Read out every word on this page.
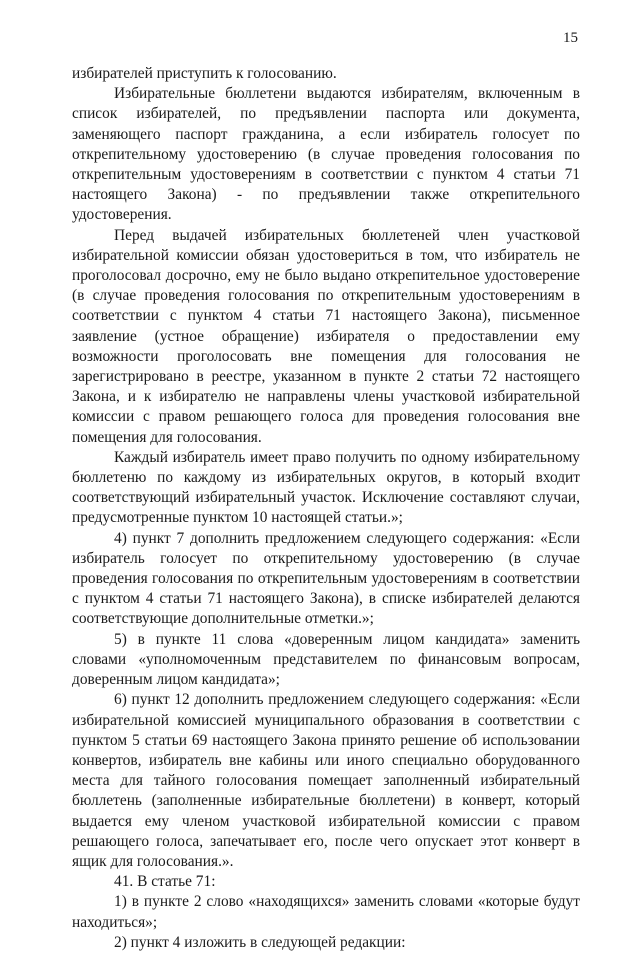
15

избирателей приступить к голосованию.

Избирательные бюллетени выдаются избирателям, включенным в список избирателей, по предъявлении паспорта или документа, заменяющего паспорт гражданина, а если избиратель голосует по открепительному удостоверению (в случае проведения голосования по открепительным удостоверениям в соответствии с пунктом 4 статьи 71 настоящего Закона) - по предъявлении также открепительного удостоверения.

Перед выдачей избирательных бюллетеней член участковой избирательной комиссии обязан удостовериться в том, что избиратель не проголосовал досрочно, ему не было выдано открепительное удостоверение (в случае проведения голосования по открепительным удостоверениям в соответствии с пунктом 4 статьи 71 настоящего Закона), письменное заявление (устное обращение) избирателя о предоставлении ему возможности проголосовать вне помещения для голосования не зарегистрировано в реестре, указанном в пункте 2 статьи 72 настоящего Закона, и к избирателю не направлены члены участковой избирательной комиссии с правом решающего голоса для проведения голосования вне помещения для голосования.

Каждый избиратель имеет право получить по одному избирательному бюллетеню по каждому из избирательных округов, в который входит соответствующий избирательный участок. Исключение составляют случаи, предусмотренные пунктом 10 настоящей статьи.»;

4) пункт 7 дополнить предложением следующего содержания: «Если избиратель голосует по открепительному удостоверению (в случае проведения голосования по открепительным удостоверениям в соответствии с пунктом 4 статьи 71 настоящего Закона), в списке избирателей делаются соответствующие дополнительные отметки.»;

5) в пункте 11 слова «доверенным лицом кандидата» заменить словами «уполномоченным представителем по финансовым вопросам, доверенным лицом кандидата»;

6) пункт 12 дополнить предложением следующего содержания: «Если избирательной комиссией муниципального образования в соответствии с пунктом 5 статьи 69 настоящего Закона принято решение об использовании конвертов, избиратель вне кабины или иного специально оборудованного места для тайного голосования помещает заполненный избирательный бюллетень (заполненные избирательные бюллетени) в конверт, который выдается ему членом участковой избирательной комиссии с правом решающего голоса, запечатывает его, после чего опускает этот конверт в ящик для голосования.».

41. В статье 71:

1) в пункте 2 слово «находящихся» заменить словами «которые будут находиться»;

2) пункт 4 изложить в следующей редакции:
